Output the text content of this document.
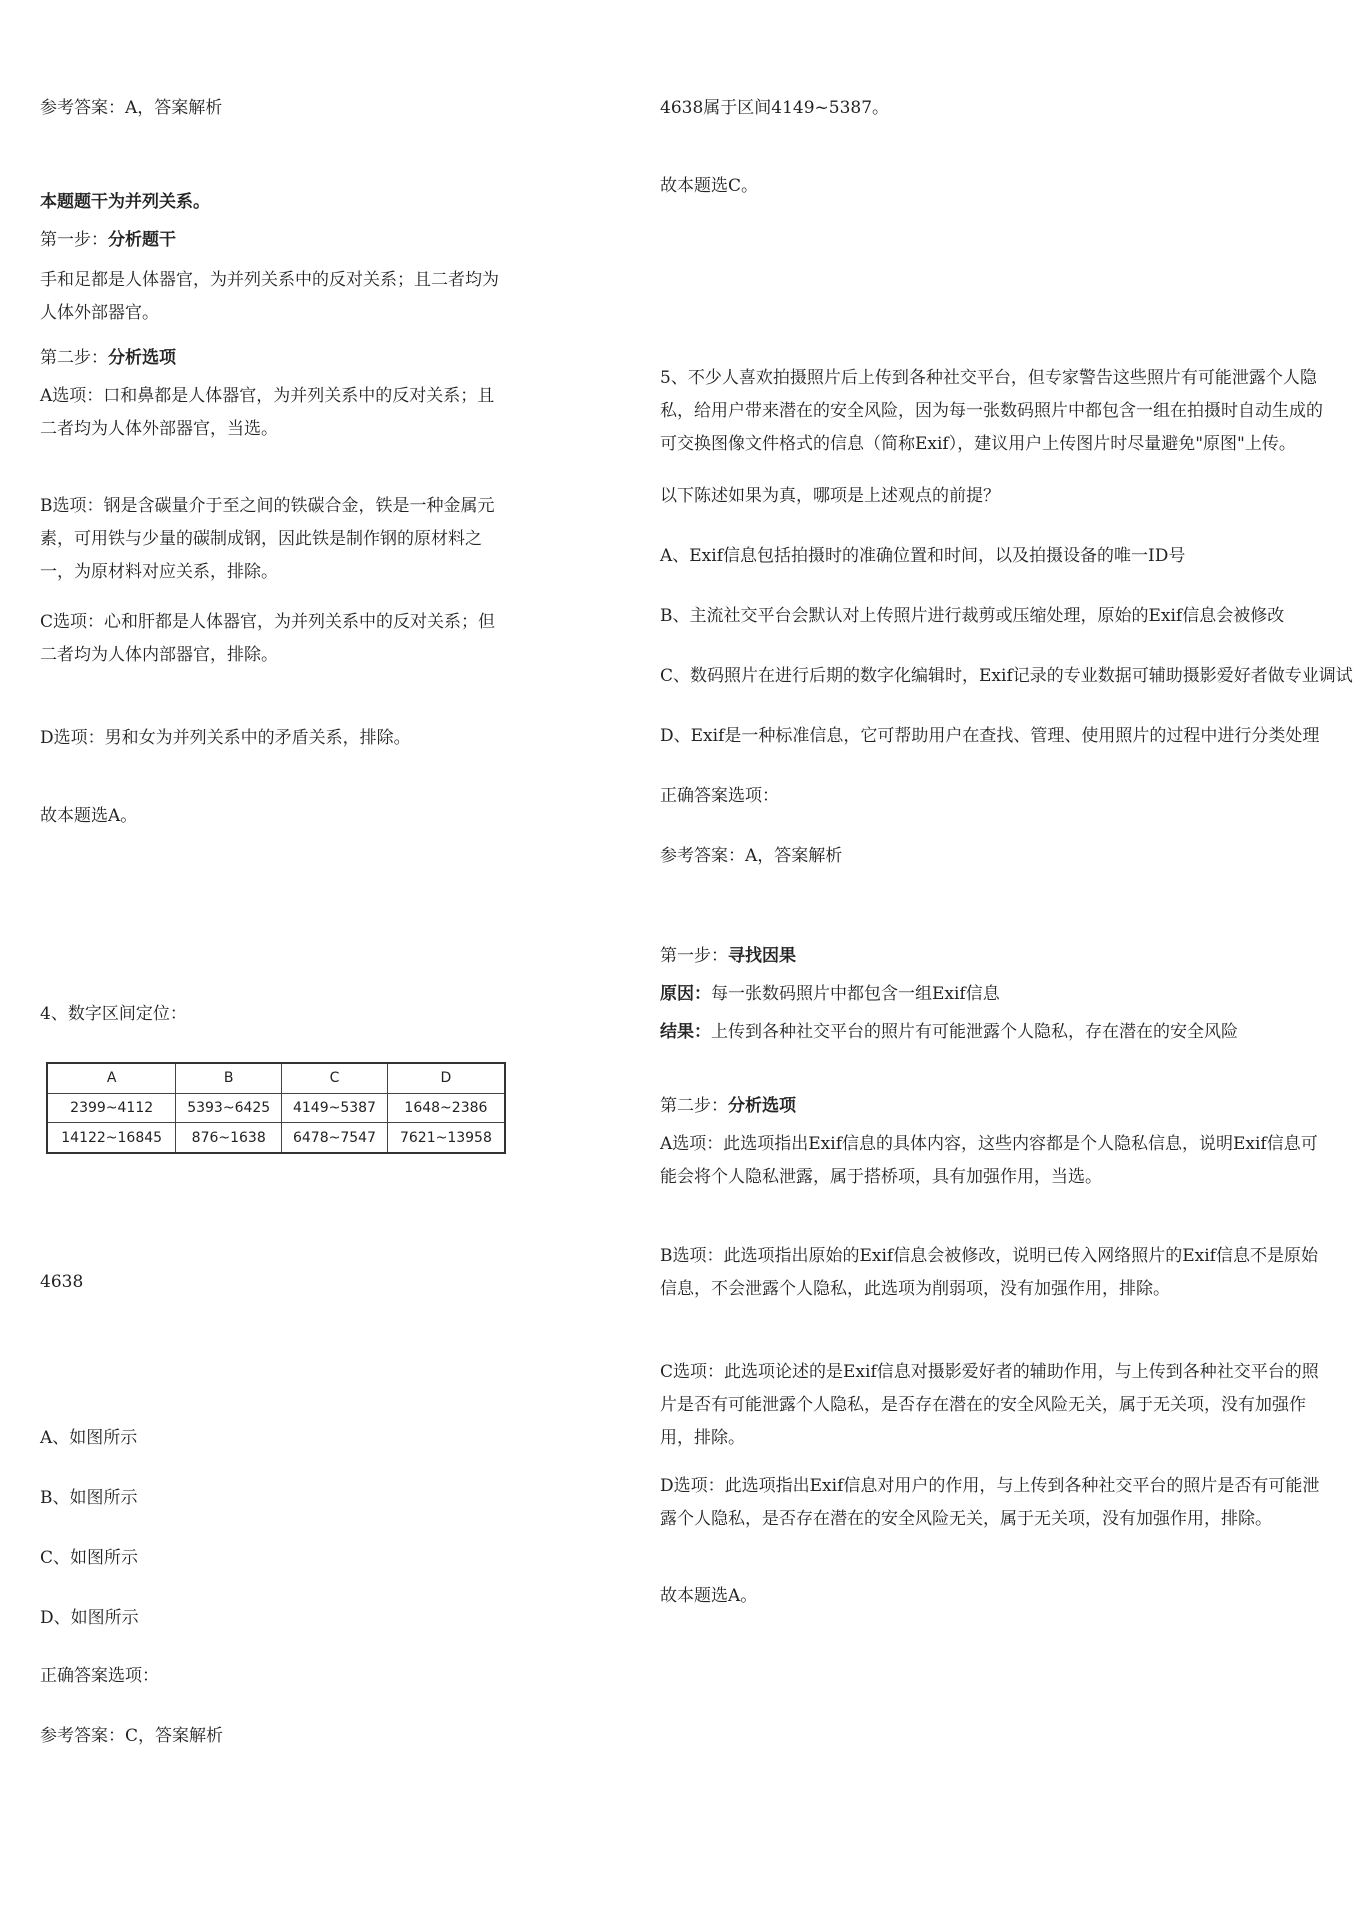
参考答案：A，答案解析
本题题干为并列关系。
第一步：分析题干
手和足都是人体器官，为并列关系中的反对关系；且二者均为人体外部器官。
第二步：分析选项
A选项：口和鼻都是人体器官，为并列关系中的反对关系；且二者均为人体外部器官，当选。
B选项：钢是含碳量介于至之间的铁碳合金，铁是一种金属元素，可用铁与少量的碳制成钢，因此铁是制作钢的原材料之一，为原材料对应关系，排除。
C选项：心和肝都是人体器官，为并列关系中的反对关系；但二者均为人体内部器官，排除。
D选项：男和女为并列关系中的矛盾关系，排除。
故本题选A。
4、数字区间定位：
A	B	C	D
2399~4112	5393~6425	4149~5387	1648~2386
14122~16845	876~1638	6478~7547	7621~13958
4638
A、如图所示
B、如图所示
C、如图所示
D、如图所示
正确答案选项：
参考答案：C，答案解析
4638属于区间4149~5387。
故本题选C。
5、不少人喜欢拍摄照片后上传到各种社交平台，但专家警告这些照片有可能泄露个人隐私，给用户带来潜在的安全风险，因为每一张数码照片中都包含一组在拍摄时自动生成的可交换图像文件格式的信息（简称Exif），建议用户上传图片时尽量避免"原图"上传。
以下陈述如果为真，哪项是上述观点的前提？
A、Exif信息包括拍摄时的准确位置和时间，以及拍摄设备的唯一ID号
B、主流社交平台会默认对上传照片进行裁剪或压缩处理，原始的Exif信息会被修改
C、数码照片在进行后期的数字化编辑时，Exif记录的专业数据可辅助摄影爱好者做专业调试
D、Exif是一种标准信息，它可帮助用户在查找、管理、使用照片的过程中进行分类处理
正确答案选项：
参考答案：A，答案解析
第一步：寻找因果
原因：每一张数码照片中都包含一组Exif信息
结果：上传到各种社交平台的照片有可能泄露个人隐私，存在潜在的安全风险
第二步：分析选项
A选项：此选项指出Exif信息的具体内容，这些内容都是个人隐私信息，说明Exif信息可能会将个人隐私泄露，属于搭桥项，具有加强作用，当选。
B选项：此选项指出原始的Exif信息会被修改，说明已传入网络照片的Exif信息不是原始信息，不会泄露个人隐私，此选项为削弱项，没有加强作用，排除。
C选项：此选项论述的是Exif信息对摄影爱好者的辅助作用，与上传到各种社交平台的照片是否有可能泄露个人隐私，是否存在潜在的安全风险无关，属于无关项，没有加强作用，排除。
D选项：此选项指出Exif信息对用户的作用，与上传到各种社交平台的照片是否有可能泄露个人隐私，是否存在潜在的安全风险无关，属于无关项，没有加强作用，排除。
故本题选A。
